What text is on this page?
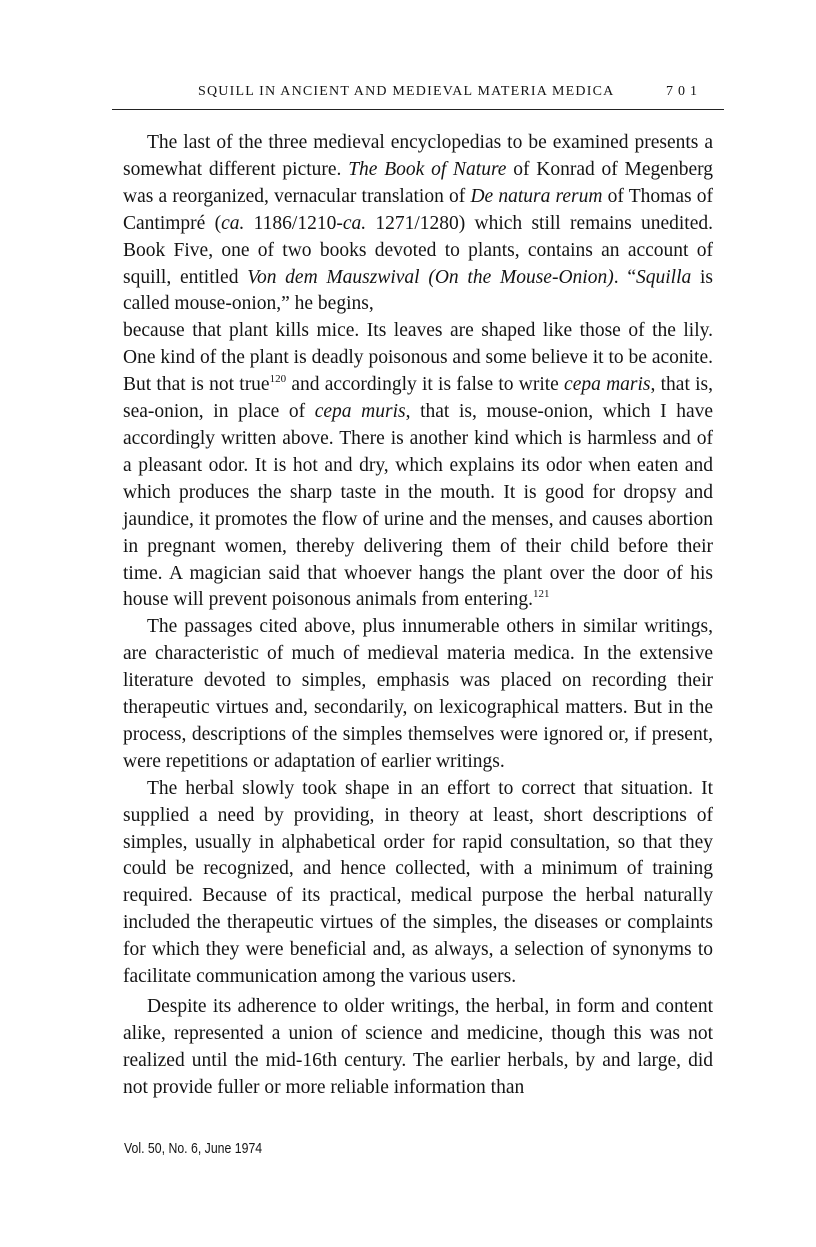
SQUILL IN ANCIENT AND MEDIEVAL MATERIA MEDICA	701

The last of the three medieval encyclopedias to be examined presents a somewhat different picture. The Book of Nature of Konrad of Megenberg was a reorganized, vernacular translation of De natura rerum of Thomas of Cantimpré (ca. 1186/1210-ca. 1271/1280) which still remains unedited. Book Five, one of two books devoted to plants, contains an account of squill, entitled Von dem Mauszwival (On the Mouse-Onion). “Squilla is called mouse-onion,” he begins,

because that plant kills mice. Its leaves are shaped like those of the lily. One kind of the plant is deadly poisonous and some believe it to be aconite. But that is not true$^{120}$ and accordingly it is false to write cepa maris, that is, sea-onion, in place of cepa muris, that is, mouse-onion, which I have accordingly written above. There is another kind which is harmless and of a pleasant odor. It is hot and dry, which explains its odor when eaten and which produces the sharp taste in the mouth. It is good for dropsy and jaundice, it promotes the flow of urine and the menses, and causes abortion in pregnant women, thereby delivering them of their child before their time. A magician said that whoever hangs the plant over the door of his house will prevent poisonous animals from entering.$^{121}$

The passages cited above, plus innumerable others in similar writings, are characteristic of much of medieval materia medica. In the extensive literature devoted to simples, emphasis was placed on recording their therapeutic virtues and, secondarily, on lexicographical matters. But in the process, descriptions of the simples themselves were ignored or, if present, were repetitions or adaptation of earlier writings.

The herbal slowly took shape in an effort to correct that situation. It supplied a need by providing, in theory at least, short descriptions of simples, usually in alphabetical order for rapid consultation, so that they could be recognized, and hence collected, with a minimum of training required. Because of its practical, medical purpose the herbal naturally included the therapeutic virtues of the simples, the diseases or complaints for which they were beneficial and, as always, a selection of synonyms to facilitate communication among the various users.

Despite its adherence to older writings, the herbal, in form and content alike, represented a union of science and medicine, though this was not realized until the mid-16th century. The earlier herbals, by and large, did not provide fuller or more reliable information than

Vol. 50, No. 6, June 1974
